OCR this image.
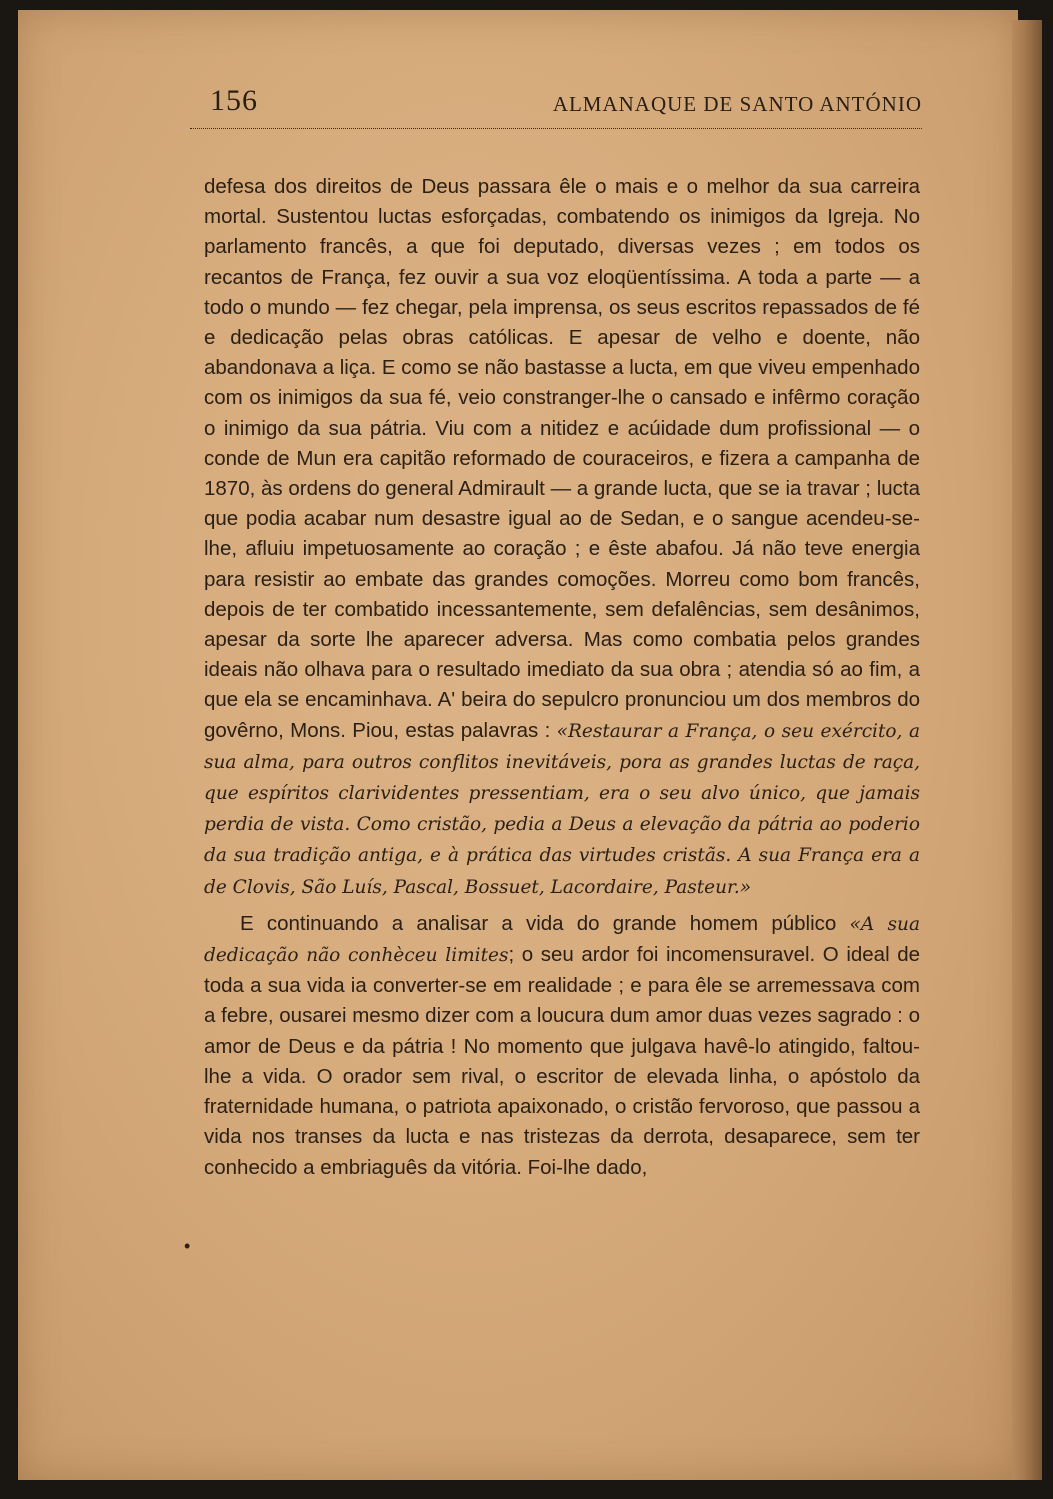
156	ALMANAQUE DE SANTO ANTÓNIO

defesa dos direitos de Deus passara êle o mais e o melhor da sua carreira mortal. Sustentou luctas esforçadas, combatendo os inimigos da Igreja. No parlamento francês, a que foi deputado, diversas vezes ; em todos os recantos de França, fez ouvir a sua voz eloqüentíssima. A toda a parte — a todo o mundo — fez chegar, pela imprensa, os seus escritos repassados de fé e dedicação pelas obras católicas. E apesar de velho e doente, não abandonava a liça. E como se não bastasse a lucta, em que viveu empenhado com os inimigos da sua fé, veio constranger-lhe o cansado e infêrmo coração o inimigo da sua pátria. Viu com a nitidez e acúidade dum profissional — o conde de Mun era capitão reformado de couraceiros, e fizera a campanha de 1870, às ordens do general Admirault — a grande lucta, que se ia travar ; lucta que podia acabar num desastre igual ao de Sedan, e o sangue acendeu-se-lhe, afluiu impetuosamente ao coração ; e êste abafou. Já não teve energia para resistir ao embate das grandes comoções. Morreu como bom francês, depois de ter combatido incessantemente, sem defalências, sem desânimos, apesar da sorte lhe aparecer adversa. Mas como combatia pelos grandes ideais não olhava para o resultado imediato da sua obra ; atendia só ao fim, a que ela se encaminhava. A' beira do sepulcro pronunciou um dos membros do govêrno, Mons. Piou, estas palavras : «Restaurar a França, o seu exército, a sua alma, para outros conflitos inevitáveis, pora as grandes luctas de raça, que espíritos clarividentes pressentiam, era o seu alvo único, que jamais perdia de vista. Como cristão, pedia a Deus a elevação da pátria ao poderio da sua tradição antiga, e à prática das virtudes cristãs. A sua França era a de Clovis, São Luís, Pascal, Bossuet, Lacordaire, Pasteur.»

E continuando a analisar a vida do grande homem público «A sua dedicação não conhèceu limites; o seu ardor foi incomensuravel. O ideal de toda a sua vida ia converter-se em realidade ; e para êle se arremessava com a febre, ousarei mesmo dizer com a loucura dum amor duas vezes sagrado : o amor de Deus e da pátria ! No momento que julgava havê-lo atingido, faltou-lhe a vida. O orador sem rival, o escritor de elevada linha, o apóstolo da fraternidade humana, o patriota apaixonado, o cristão fervoroso, que passou a vida nos transes da lucta e nas tristezas da derrota, desaparece, sem ter conhecido a embriaguês da vitória. Foi-lhe dado,

•
